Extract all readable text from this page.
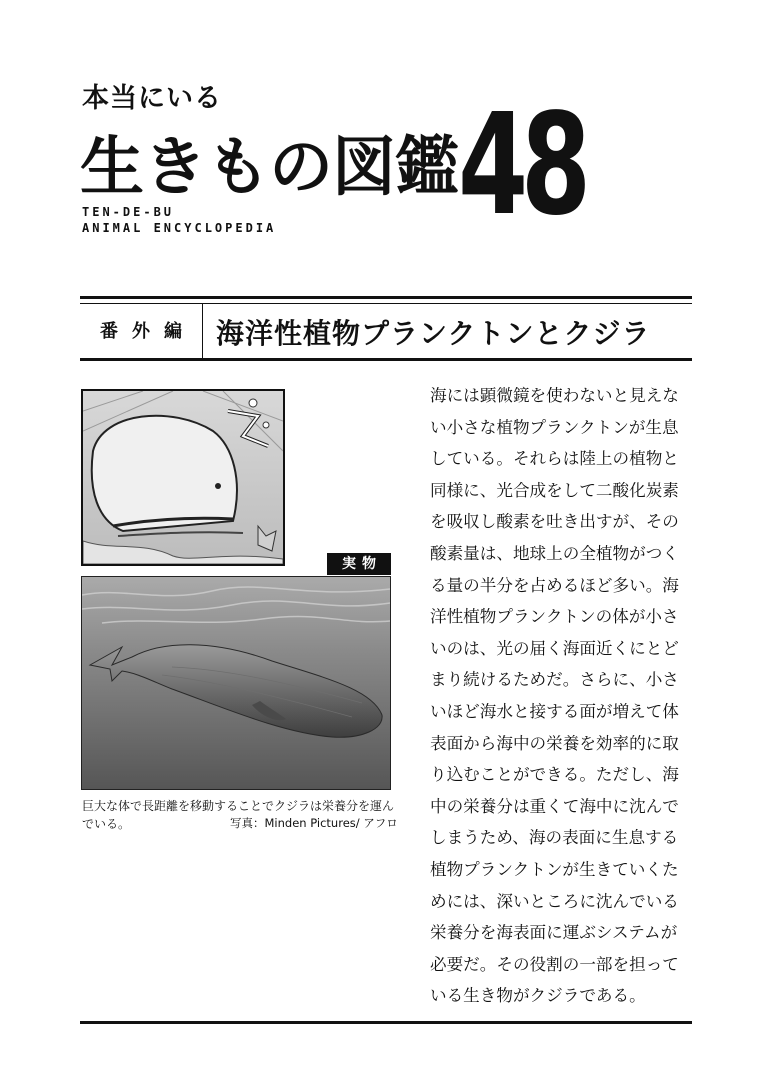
本当にいる
生きもの図鑑 48
TEN-DE-BU
ANIMAL ENCYCLOPEDIA
番外編 海洋性植物プランクトンとクジラ
実物
巨大な体で長距離を移動することでクジラは栄養分を運んでいる。	写真：Minden Pictures/ アフロ
海には顕微鏡を使わないと見えな
い小さな植物プランクトンが生息
している。それらは陸上の植物と
同様に、光合成をして二酸化炭素
を吸収し酸素を吐き出すが、その
酸素量は、地球上の全植物がつく
る量の半分を占めるほど多い。海
洋性植物プランクトンの体が小さ
いのは、光の届く海面近くにとど
まり続けるためだ。さらに、小さ
いほど海水と接する面が増えて体
表面から海中の栄養を効率的に取
り込むことができる。ただし、海
中の栄養分は重くて海中に沈んで
しまうため、海の表面に生息する
植物プランクトンが生きていくた
めには、深いところに沈んでいる
栄養分を海表面に運ぶシステムが
必要だ。その役割の一部を担って
いる生き物がクジラである。
